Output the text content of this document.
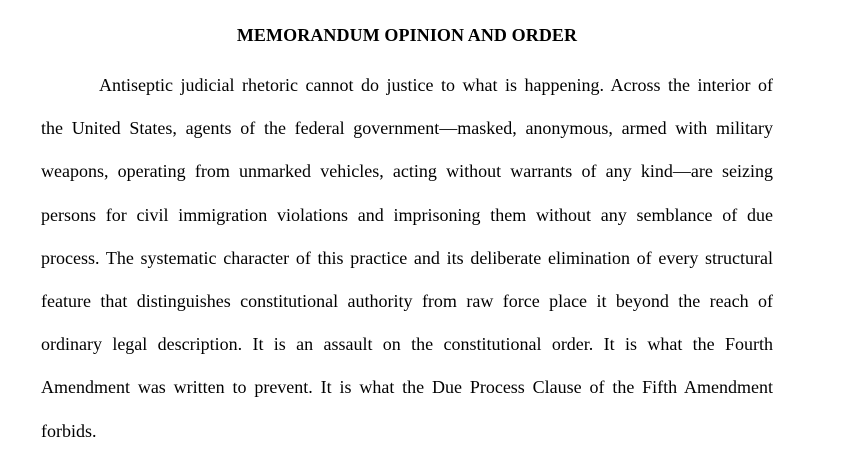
MEMORANDUM OPINION AND ORDER
Antiseptic judicial rhetoric cannot do justice to what is happening. Across the interior of
the United States, agents of the federal government—masked, anonymous, armed with military
weapons, operating from unmarked vehicles, acting without warrants of any kind—are seizing
persons for civil immigration violations and imprisoning them without any semblance of due
process. The systematic character of this practice and its deliberate elimination of every structural
feature that distinguishes constitutional authority from raw force place it beyond the reach of
ordinary legal description. It is an assault on the constitutional order. It is what the Fourth
Amendment was written to prevent. It is what the Due Process Clause of the Fifth Amendment
forbids.
